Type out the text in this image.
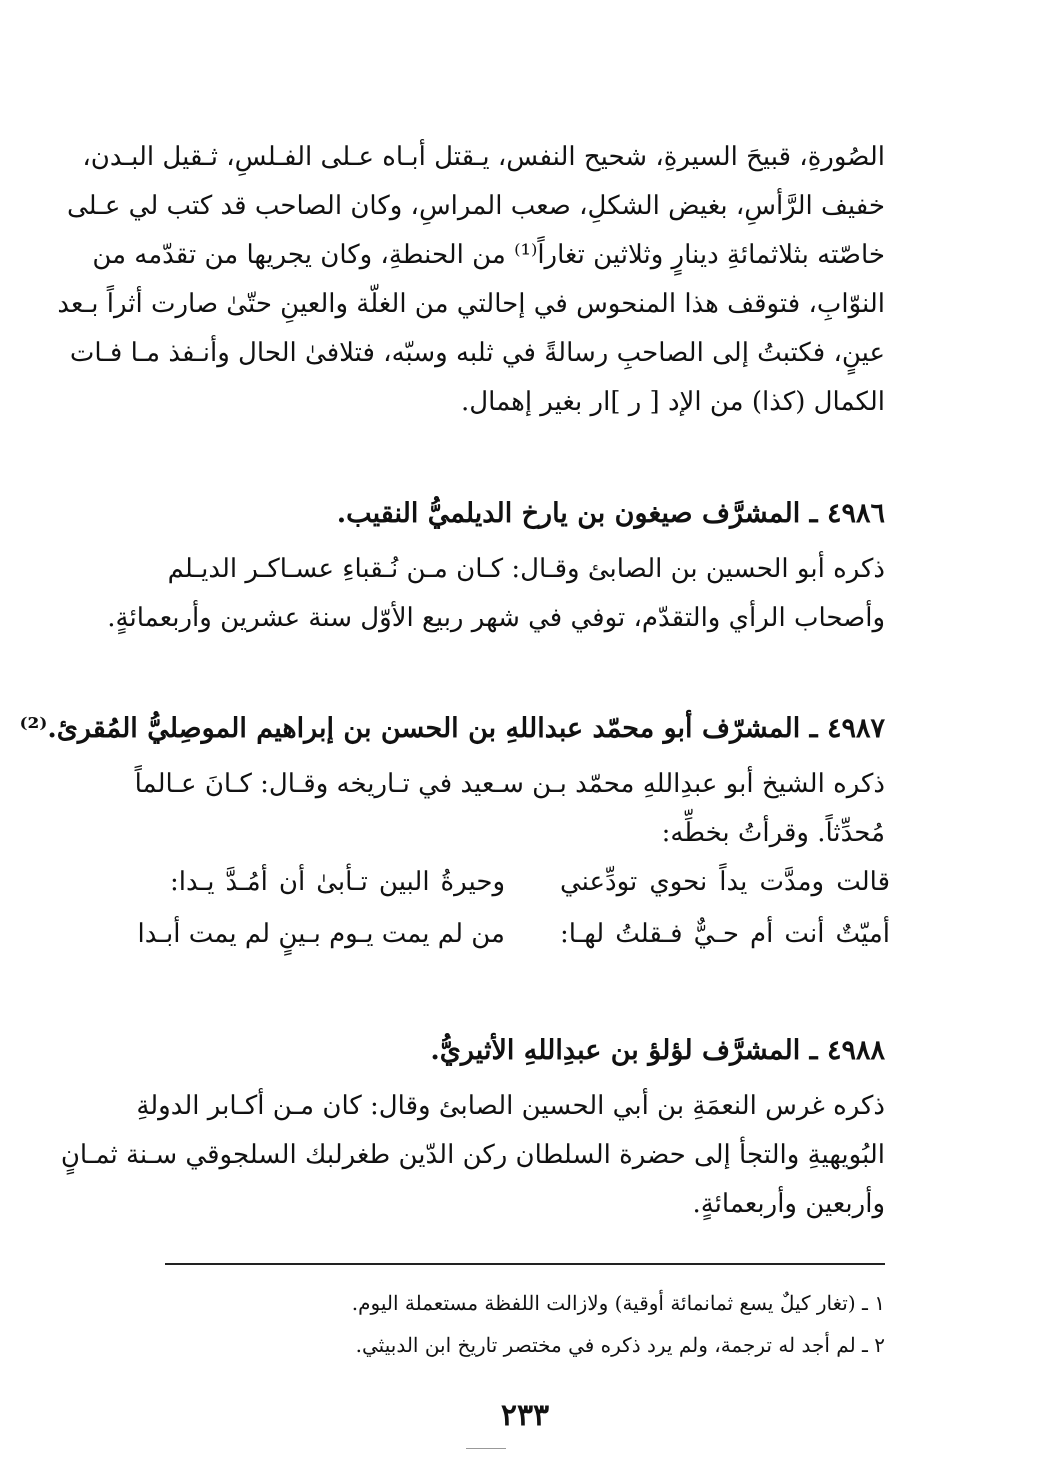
الصُورةِ، قبيحَ السيرةِ، شحيح النفس، يـقتل أبـاه عـلى الفـلسِ، ثـقيل البـدن،
خفيف الرَّأسِ، بغيض الشكلِ، صعب المراسِ، وكان الصاحب قد كتب لي عـلى
خاصّته بثلاثمائةِ دينارٍ وثلاثين تغاراً⁽¹⁾ من الحنطةِ، وكان يجريها من تقدّمه من
النوّابِ، فتوقف هذا المنحوس في إحالتي من الغلّة والعينِ حتّىٰ صارت أثراً بـعد
عينٍ، فكتبتُ إلى الصاحبِ رسالةً في ثلبه وسبّه، فتلافىٰ الحال وأنـفذ مـا فـات
الكمال (كذا) من الإد [ ر ]ار بغير إهمال.
٤٩٨٦ ـ المشرَّف صيغون بن يارخ الديلميُّ النقيب.
ذكره أبو الحسين بن الصابئ وقـال: كـان مـن نُـقباءِ عسـاكـر الديـلم
وأصحاب الرأي والتقدّم، توفي في شهر ربيع الأوّل سنة عشرين وأربعمائةٍ.
٤٩٨٧ ـ المشرّف أبو محمّد عبداللهِ بن الحسن بن إبراهيم الموصِليُّ المُقرئ.⁽²⁾
ذكره الشيخ أبو عبدِاللهِ محمّد بـن سـعيد في تـاريخه وقـال: كـانَ عـالماً
مُحدِّثاً. وقرأتُ بخطِّه:
قالت ومدَّت يداً نحوي تودِّعني
وحيرةُ البين تـأبىٰ أن أمُـدَّ يـدا:
أميّتٌ أنت أم حـيٌّ فـقلتُ لهـا:
من لم يمت يـوم بـينٍ لم يمت أبـدا
٤٩٨٨ ـ المشرَّف لؤلؤ بن عبدِاللهِ الأثيريُّ.
ذكره غرس النعمَةِ بن أبي الحسين الصابئ وقال: كان مـن أكـابر الدولةِ
البُويهيةِ والتجأ إلى حضرة السلطان ركن الدّين طغرلبك السلجوقي سـنة ثمـانٍ
وأربعين وأربعمائةٍ.
١ ـ (تغار كيلٌ يسع ثمانمائة أوقية) ولازالت اللفظة مستعملة اليوم.
٢ ـ لم أجد له ترجمة، ولم يرد ذكره في مختصر تاريخ ابن الدبيثي.
٢٣٣
